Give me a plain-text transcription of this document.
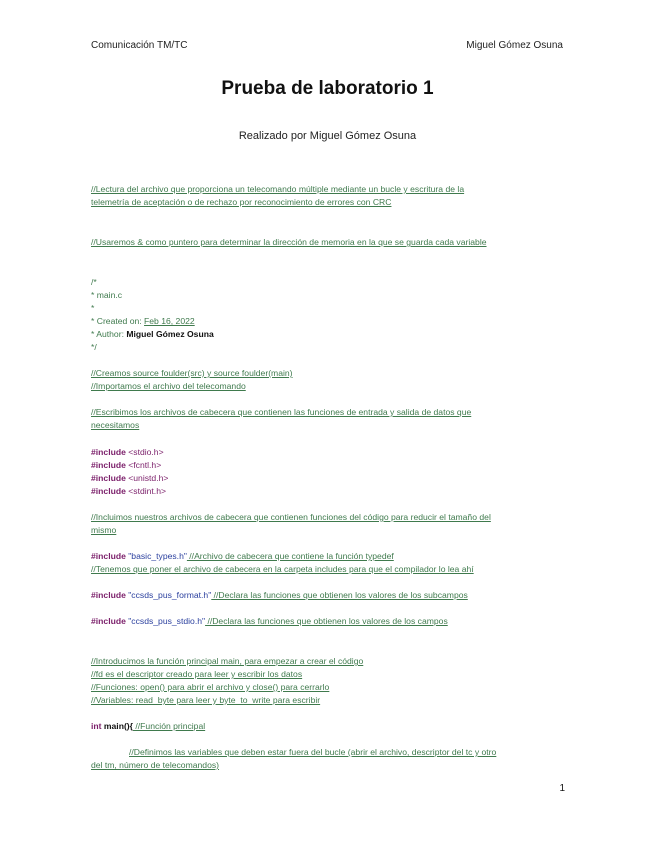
Comunicación TM/TC	Miguel Gómez Osuna
Prueba de laboratorio 1
Realizado por Miguel Gómez Osuna
//Lectura del archivo que proporciona un telecomando múltiple mediante un bucle y escritura de la
telemetría de aceptación o de rechazo por reconocimiento de errores con CRC
//Usaremos & como puntero para determinar la dirección de memoria en la que se guarda cada variable
/*
* main.c
*
* Created on: Feb 16, 2022
* Author: Miguel Gómez Osuna
*/
//Creamos source foulder(src) y source foulder(main)
//Importamos el archivo del telecomando
//Escribimos los archivos de cabecera que contienen las funciones de entrada y salida de datos que
necesitamos
#include <stdio.h>
#include <fcntl.h>
#include <unistd.h>
#include <stdint.h>
//Incluimos nuestros archivos de cabecera que contienen funciones del código para reducir el tamaño del
mismo
#include "basic_types.h" //Archivo de cabecera que contiene la función typedef
//Tenemos que poner el archivo de cabecera en la carpeta includes para que el compilador lo lea ahí
#include "ccsds_pus_format.h" //Declara las funciones que obtienen los valores de los subcampos
#include "ccsds_pus_stdio.h" //Declara las funciones que obtienen los valores de los campos
//Introducimos la función principal main, para empezar a crear el código
//fd es el descriptor creado para leer y escribir los datos
//Funciones: open() para abrir el archivo y close() para cerrarlo
//Variables: read_byte para leer y byte_to_write para escribir
int main(){ //Función principal
//Definimos las variables que deben estar fuera del bucle (abrir el archivo, descriptor del tc y otro
del tm, número de telecomandos)
1
